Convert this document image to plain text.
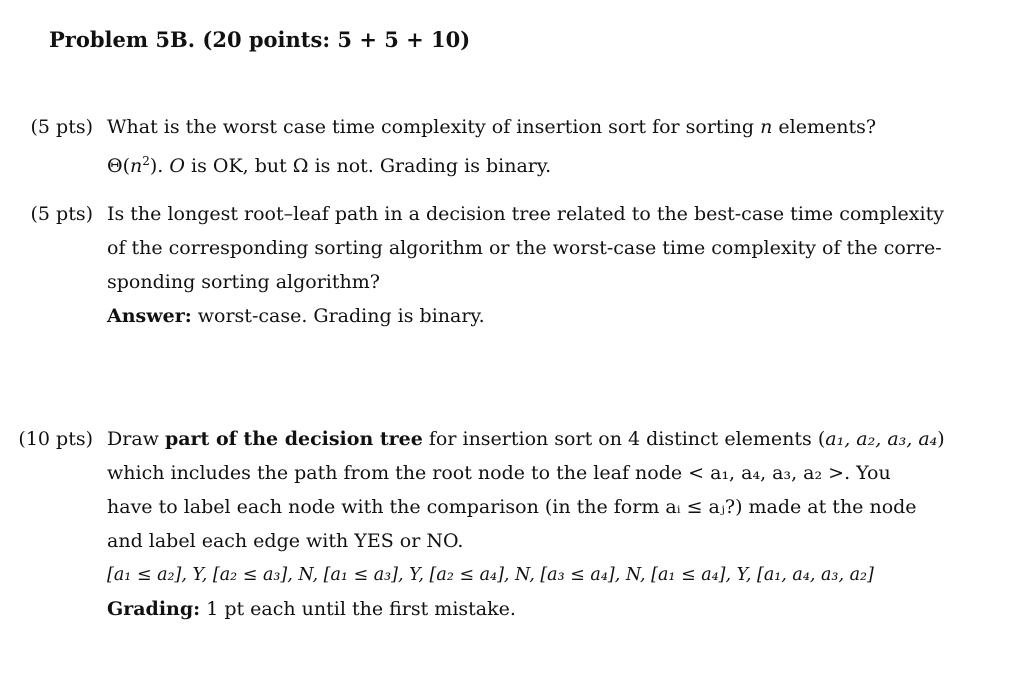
Problem 5B. (20 points: 5 + 5 + 10)
(5 pts) What is the worst case time complexity of insertion sort for sorting n elements?
$\Theta(n^2)$. O is OK, but Ω is not. Grading is binary.
(5 pts) Is the longest root–leaf path in a decision tree related to the best-case time complexity
of the corresponding sorting algorithm or the worst-case time complexity of the corre-
sponding sorting algorithm?
Answer: worst-case. Grading is binary.
(10 pts) Draw part of the decision tree for insertion sort on 4 distinct elements (a₁, a₂, a₃, a₄)
which includes the path from the root node to the leaf node < a₁, a₄, a₃, a₂ >. You
have to label each node with the comparison (in the form aᵢ ≤ aⱼ?) made at the node
and label each edge with YES or NO.
[a₁ ≤ a₂], Y, [a₂ ≤ a₃], N, [a₁ ≤ a₃], Y, [a₂ ≤ a₄], N, [a₃ ≤ a₄], N, [a₁ ≤ a₄], Y, [a₁, a₄, a₃, a₂]
Grading: 1 pt each until the first mistake.
